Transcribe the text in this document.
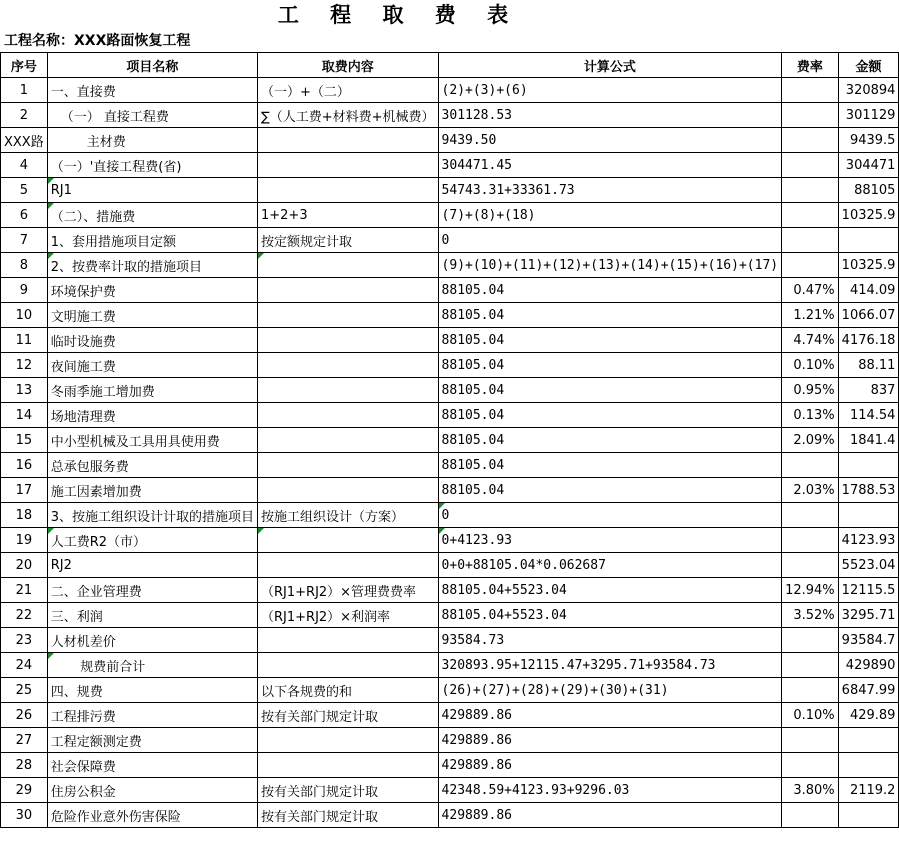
工 程 取 费 表
工程名称：XXX路面恢复工程
序号	项目名称	取费内容	计算公式	费率	金额
1	一、直接费	（一）+（二）	(2)+(3)+(6)		320894
2	（一） 直接工程费	∑（人工费+材料费+机械费）	301128.53		301129
XXX路	主材费		9439.50		9439.5
4	（一）'直接工程费(省)		304471.45		304471
5	RJ1		54743.31+33361.73		88105
6	（二）、措施费	1+2+3	(7)+(8)+(18)		10325.9
7	1、套用措施项目定额	按定额规定计取	0		
8	2、按费率计取的措施项目		(9)+(10)+(11)+(12)+(13)+(14)+(15)+(16)+(17)		10325.9
9	环境保护费		88105.04	0.47%	414.09
10	文明施工费		88105.04	1.21%	1066.07
11	临时设施费		88105.04	4.74%	4176.18
12	夜间施工费		88105.04	0.10%	88.11
13	冬雨季施工增加费		88105.04	0.95%	837
14	场地清理费		88105.04	0.13%	114.54
15	中小型机械及工具用具使用费		88105.04	2.09%	1841.4
16	总承包服务费		88105.04		
17	施工因素增加费		88105.04	2.03%	1788.53
18	3、按施工组织设计计取的措施项目	按施工组织设计（方案）	0		
19	人工费R2（市）		0+4123.93		4123.93
20	RJ2		0+0+88105.04*0.062687		5523.04
21	二、企业管理费	（RJ1+RJ2）×管理费费率	88105.04+5523.04	12.94%	12115.5
22	三、利润	（RJ1+RJ2）×利润率	88105.04+5523.04	3.52%	3295.71
23	人材机差价		93584.73		93584.7
24	规费前合计		320893.95+12115.47+3295.71+93584.73		429890
25	四、规费	以下各规费的和	(26)+(27)+(28)+(29)+(30)+(31)		6847.99
26	工程排污费	按有关部门规定计取	429889.86	0.10%	429.89
27	工程定额测定费		429889.86		
28	社会保障费		429889.86		
29	住房公积金	按有关部门规定计取	42348.59+4123.93+9296.03	3.80%	2119.2
30	危险作业意外伤害保险	按有关部门规定计取	429889.86		
